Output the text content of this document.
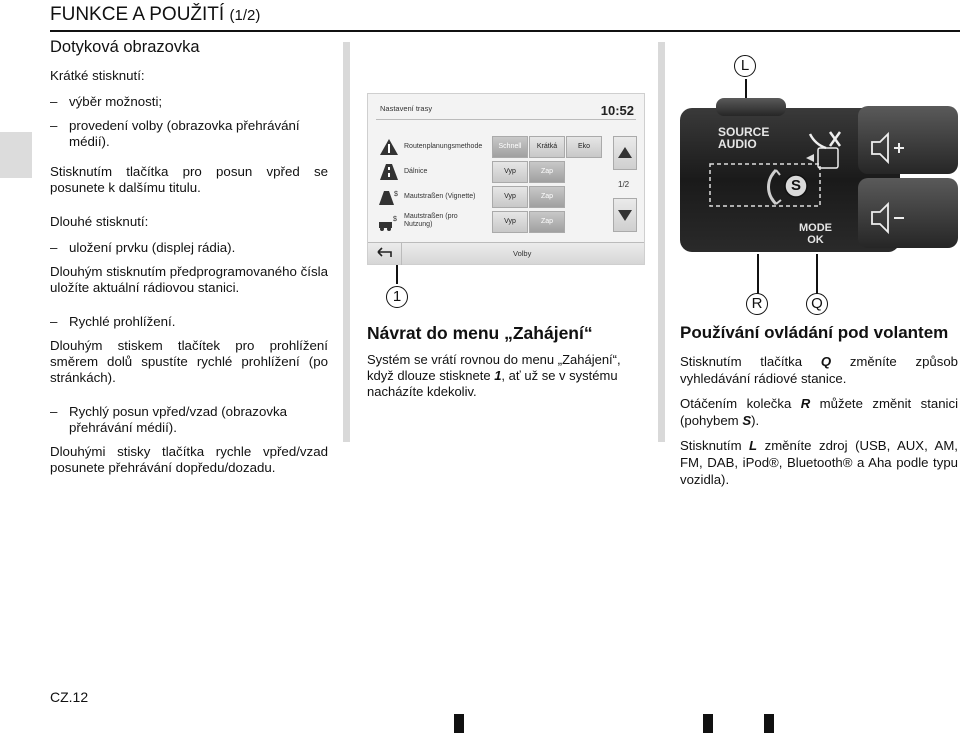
FUNKCE A POUŽITÍ (1/2)
Dotyková obrazovka
Krátké stisknutí:
– výběr možnosti;
– provedení volby (obrazovka přehrávání médií).

Stisknutím tlačítka pro posun vpřed se posunete k dalšímu titulu.

Dlouhé stisknutí:
– uložení prvku (displej rádia).

Dlouhým stisknutím předprogramovaného čísla uložíte aktuální rádiovou stanici.

– Rychlé prohlížení.

Dlouhým stiskem tlačítek pro prohlížení směrem dolů spustíte rychlé prohlížení (po stránkách).

– Rychlý posun vpřed/vzad (obrazovka přehrávání médií).

Dlouhými stisky tlačítka rychle vpřed/vzad posunete přehrávání dopředu/dozadu.

Nastavení trasy	10:52
Routenplanungsmethode	Schnell	Krátká	Eko
Dálnice	Vyp	Zap
$ Mautstraßen (Vignette)	Vyp	Zap
$ Mautstraßen (pro Nutzung)	Vyp	Zap
1/2
Volby
1
Návrat do menu „Zahájení“

Systém se vrátí rovnou do menu „Zahájení“, když dlouze stisknete 1, ať už se v systému nacházíte kdekoliv.

L
SOURCE
AUDIO
S
MODE
OK
R	Q
Používání ovládání pod volantem

Stisknutím tlačítka Q změníte způsob vyhledávání rádiové stanice.

Otáčením kolečka R můžete změnit stanici (pohybem S).

Stisknutím L změníte zdroj (USB, AUX, AM, FM, DAB, iPod®, Bluetooth® a Aha podle typu vozidla).

CZ.12
